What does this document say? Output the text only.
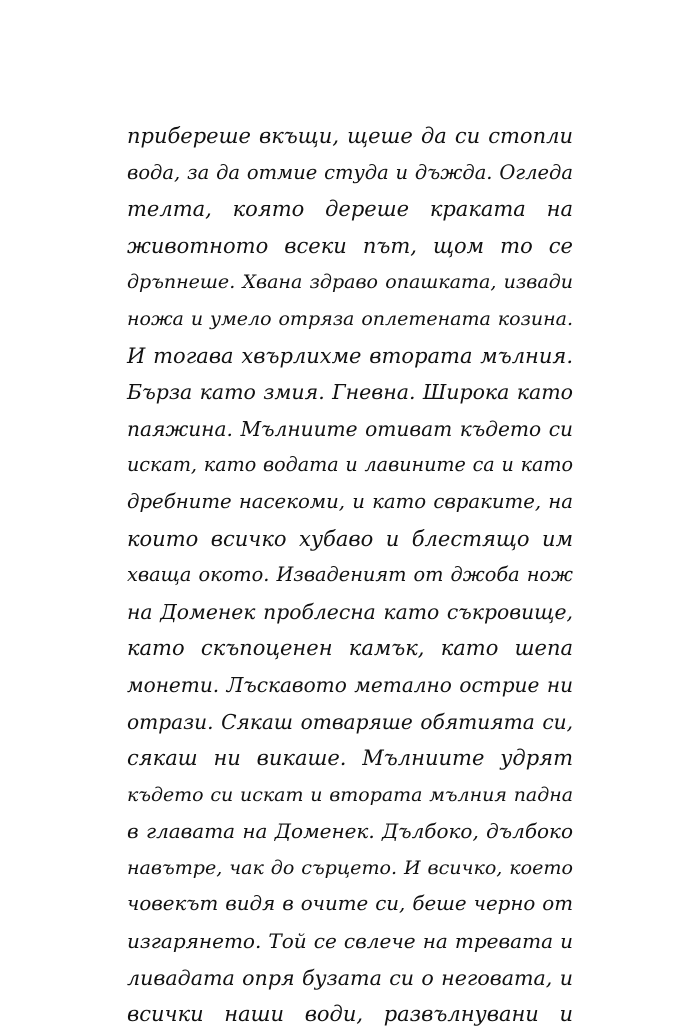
прибереше вкъщи, щеше да си стопли
вода, за да отмие студа и дъжда. Огледа
телта, която дереше краката на
животното всеки път, щом то се
дръпнеше. Хвана здраво опашката, извади
ножа и умело отряза оплетената козина.
И тогава хвърлихме втората мълния.
Бърза като змия. Гневна. Широка като
паяжина. Мълниите отиват където си
искат, като водата и лавините са и като
дребните насекоми, и като свраките, на
които всичко хубаво и блестящо им
хваща окото. Извадeният от джоба нож
на Доменек проблесна като съкровище,
като скъпоценен камък, като шепа
монети. Лъскавото метално острие ни
отрази. Сякаш отваряше обятията си,
сякаш ни викаше. Мълниите удрят
където си искат и втората мълния падна
в главата на Доменек. Дълбоко, дълбоко
навътре, чак до сърцето. И всичко, което
човекът видя в очите си, беше черно от
изгарянето. Той се свлече на тревата и
ливадата опря бузата си о неговата, и
всички наши води, развълнувани и
